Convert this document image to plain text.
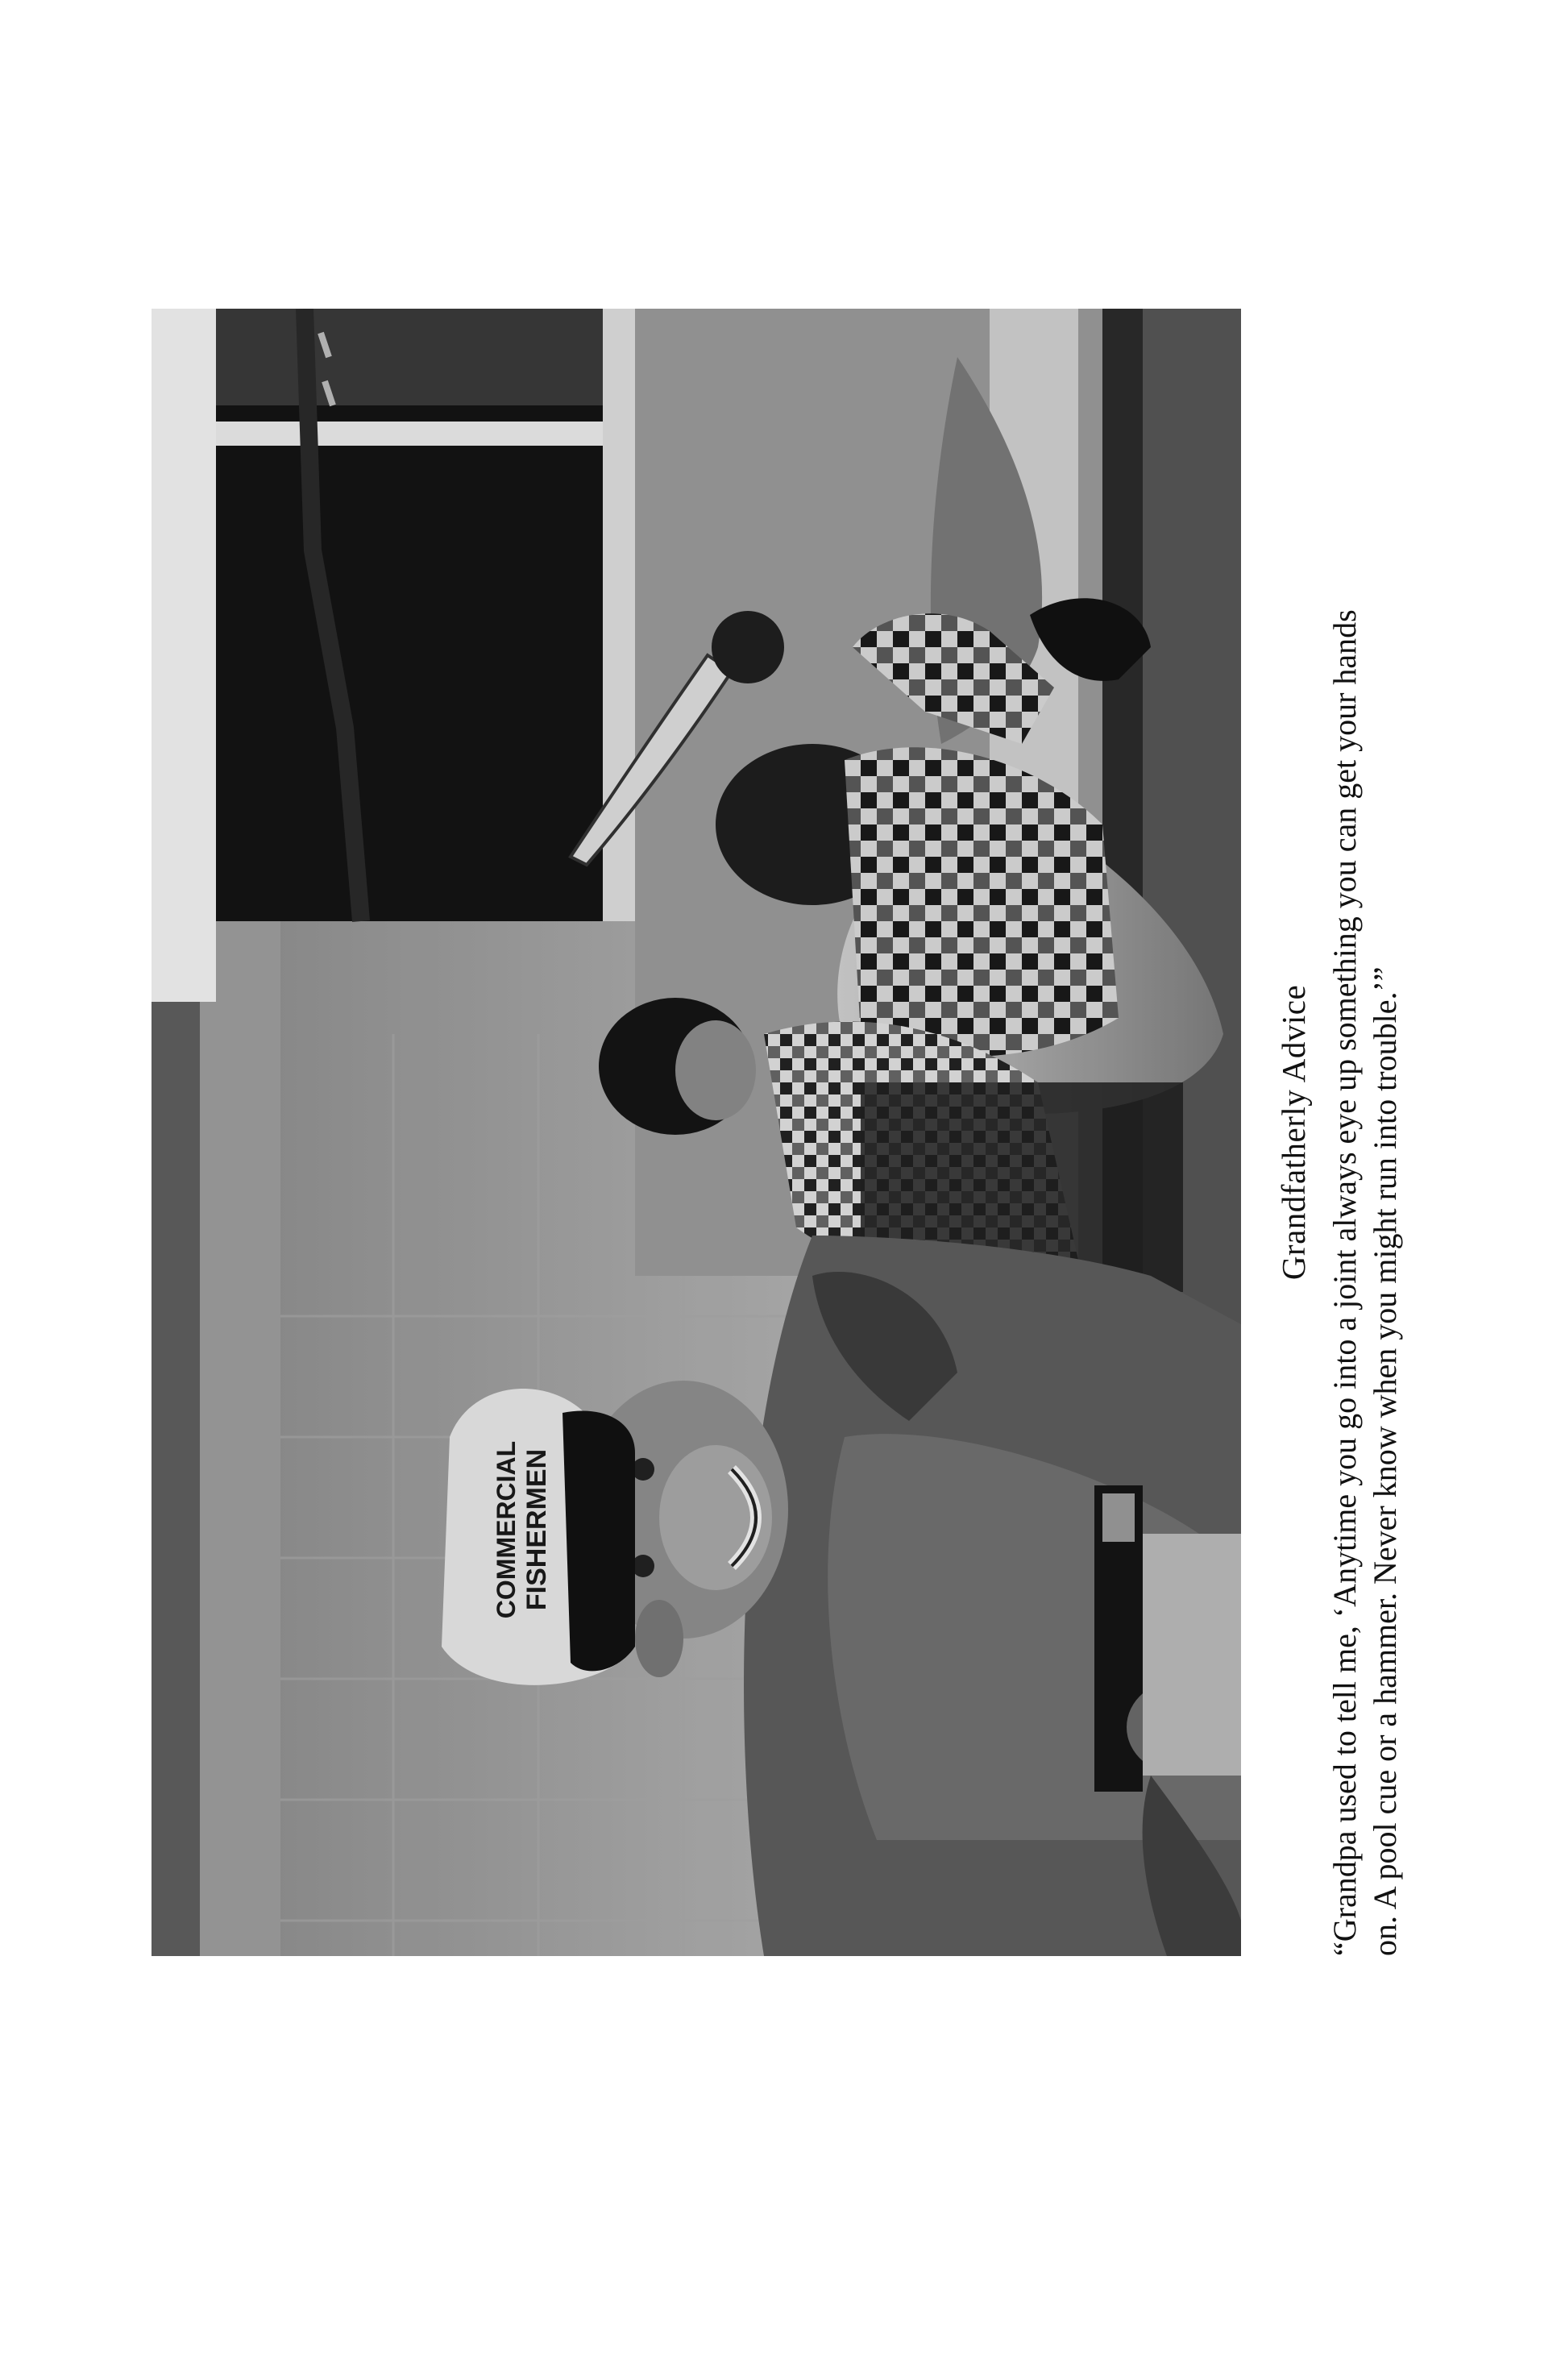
COMMERCIAL FISHERMEN
Grandfatherly Advice “Grandpa used to tell me, ‘Anytime you go into a joint always eye up something you can get your hands on. A pool cue or a hammer. Never know when you might run into trouble.’”
